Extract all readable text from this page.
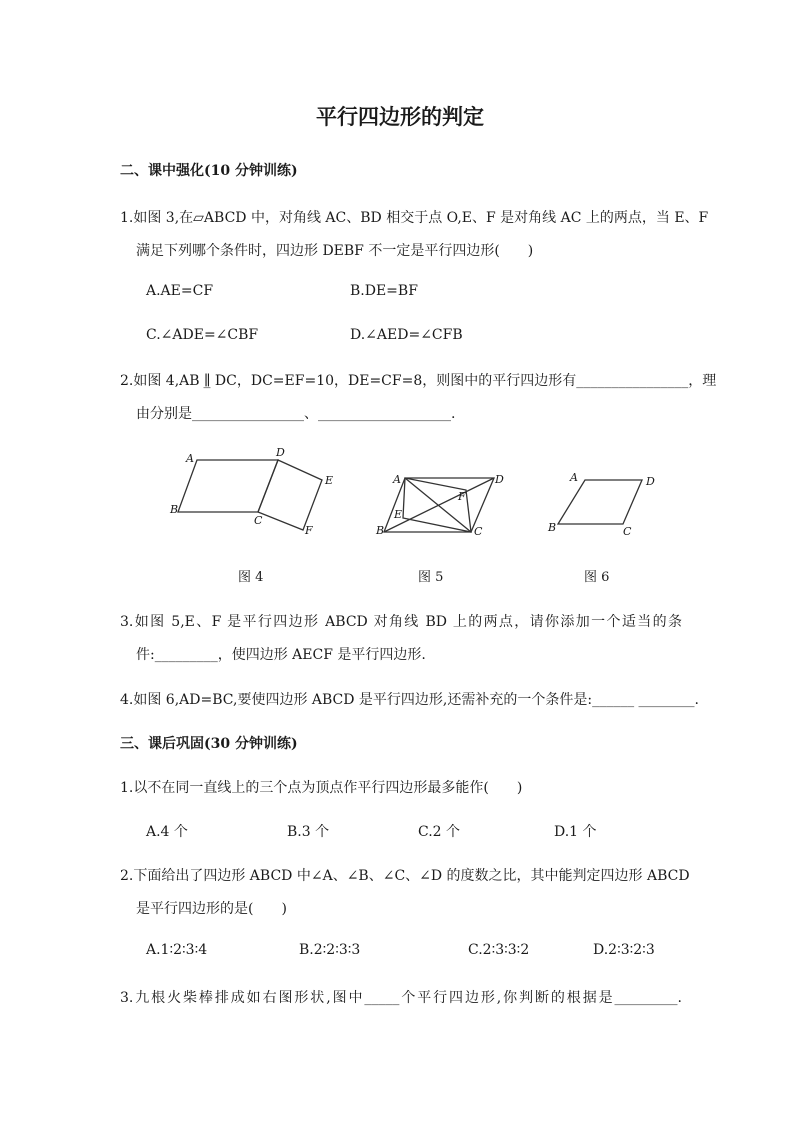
平行四边形的判定
二、课中强化(10 分钟训练)
1.如图 3,在▱ABCD 中，对角线 AC、BD 相交于点 O,E、F 是对角线 AC 上的两点，当 E、F
满足下列哪个条件时，四边形 DEBF 不一定是平行四边形(　　)
A.AE=CF	B.DE=BF
C.∠ADE=∠CBF	D.∠AED=∠CFB
2.如图 4,AB ∥̲ DC，DC=EF=10，DE=CF=8，则图中的平行四边形有________________，理
由分别是________________、___________________.
A
B
C
D
E
F
A
B	C
D
E
F
A
B	C
D
图 4	图 5	图 6
3.如图 5,E、F 是平行四边形 ABCD 对角线 BD 上的两点，请你添加一个适当的条
件:_________，使四边形 AECF 是平行四边形.
4.如图 6,AD=BC,要使四边形 ABCD 是平行四边形,还需补充的一个条件是:______ ________.
三、课后巩固(30 分钟训练)
1.以不在同一直线上的三个点为顶点作平行四边形最多能作(　　)
A.4 个	B.3 个	C.2 个	D.1 个
2.下面给出了四边形 ABCD 中∠A、∠B、∠C、∠D 的度数之比，其中能判定四边形 ABCD
是平行四边形的是(　　)
A.1∶2∶3∶4	B.2∶2∶3∶3	C.2∶3∶3∶2	D.2∶3∶2∶3
3.九根火柴棒排成如右图形状,图中_____个平行四边形,你判断的根据是_________.
